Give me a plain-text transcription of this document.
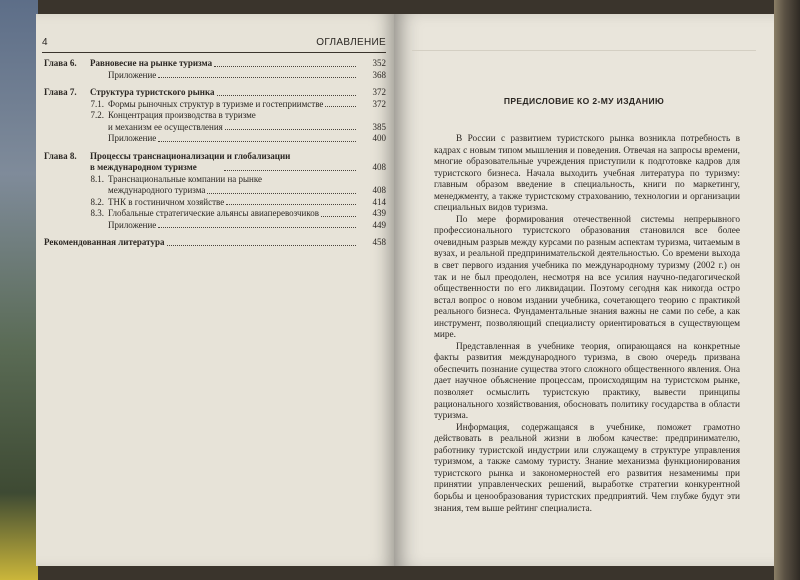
4	ОГЛАВЛЕНИЕ
Глава 6.	Равновесие на рынке туризма	352
Приложение	368
Глава 7.	Структура туристского рынка	372
7.1. Формы рыночных структур в туризме и гостеприимстве	372
7.2. Концентрация производства в туризме
и механизм ее осуществления	385
Приложение	400
Глава 8.	Процессы транснационализации и глобализации
в международном туризме	408
8.1. Транснациональные компании на рынке
международного туризма	408
8.2. ТНК в гостиничном хозяйстве	414
8.3. Глобальные стратегические альянсы авиаперевозчиков	439
Приложение	449
Рекомендованная литература	458
ПРЕДИСЛОВИЕ КО 2-МУ ИЗДАНИЮ

В России с развитием туристского рынка возникла потребность в кадрах с новым типом мышления и поведения. Отвечая на запросы времени, многие образовательные учреждения приступили к подготовке кадров для туристского бизнеса. Начала выходить учебная литература по туризму: главным образом введение в специальность, книги по маркетингу, менеджменту, а также туристскому страхованию, технологии и организации специальных видов туризма.

По мере формирования отечественной системы непрерывного профессионального туристского образования становился все более очевидным разрыв между курсами по разным аспектам туризма, читаемым в вузах, и реальной предпринимательской деятельностью. Со времени выхода в свет первого издания учебника по международному туризму (2002 г.) он так и не был преодолен, несмотря на все усилия научно-педагогической общественности по его ликвидации. Поэтому сегодня как никогда остро встал вопрос о новом издании учебника, сочетающего теорию с практикой реального бизнеса. Фундаментальные знания важны не сами по себе, а как инструмент, позволяющий специалисту ориентироваться в существующем мире.

Представленная в учебнике теория, опирающаяся на конкретные факты развития международного туризма, в свою очередь призвана обеспечить познание существа этого сложного общественного явления. Она дает научное объяснение процессам, происходящим на туристском рынке, позволяет осмыслить туристскую практику, вывести принципы рационального хозяйствования, обосновать политику государства в области туризма.

Информация, содержащаяся в учебнике, поможет грамотно действовать в реальной жизни в любом качестве: предпринимателю, работнику туристской индустрии или служащему в структуре управления туризмом, а также самому туристу. Знание механизма функционирования туристского рынка и закономерностей его развития незаменимы при принятии управленческих решений, выработке стратегии конкурентной борьбы и ценообразования туристских предприятий. Чем глубже будут эти знания, тем выше рейтинг специалиста.
